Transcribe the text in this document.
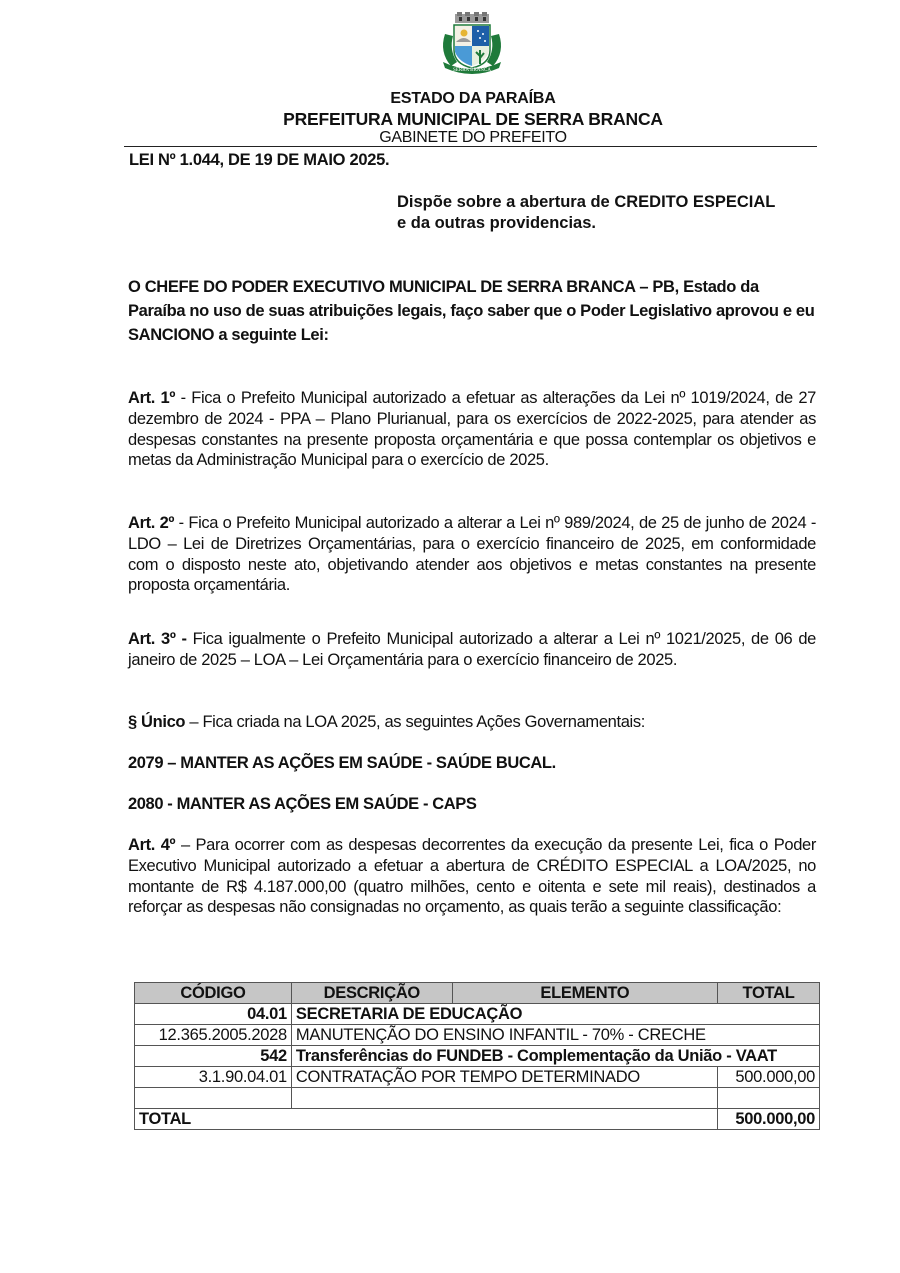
SERRA BRANCA
ESTADO DA PARAÍBA
PREFEITURA MUNICIPAL DE SERRA BRANCA
GABINETE DO PREFEITO
LEI Nº 1.044, DE 19 DE MAIO 2025.
Dispõe sobre a abertura de CREDITO ESPECIAL
e da outras providencias.
O CHEFE DO PODER EXECUTIVO MUNICIPAL DE SERRA BRANCA – PB, Estado da Paraíba no uso de suas atribuições legais, faço saber que o Poder Legislativo aprovou e eu SANCIONO a seguinte Lei:
Art. 1º - Fica o Prefeito Municipal autorizado a efetuar as alterações da Lei nº 1019/2024, de 27 dezembro de 2024 - PPA – Plano Plurianual, para os exercícios de 2022-2025, para atender as despesas constantes na presente proposta orçamentária e que possa contemplar os objetivos e metas da Administração Municipal para o exercício de 2025.
Art. 2º - Fica o Prefeito Municipal autorizado a alterar a Lei nº 989/2024, de 25 de junho de 2024 - LDO – Lei de Diretrizes Orçamentárias, para o exercício financeiro de 2025, em conformidade com o disposto neste ato, objetivando atender aos objetivos e metas constantes na presente proposta orçamentária.
Art. 3º - Fica igualmente o Prefeito Municipal autorizado a alterar a Lei nº 1021/2025, de 06 de janeiro de 2025 – LOA – Lei Orçamentária para o exercício financeiro de 2025.
§ Único – Fica criada na LOA 2025, as seguintes Ações Governamentais:
2079 – MANTER AS AÇÕES EM SAÚDE - SAÚDE BUCAL.
2080 - MANTER AS AÇÕES EM SAÚDE - CAPS
Art. 4º – Para ocorrer com as despesas decorrentes da execução da presente Lei, fica o Poder Executivo Municipal autorizado a efetuar a abertura de CRÉDITO ESPECIAL a LOA/2025, no montante de R$ 4.187.000,00 (quatro milhões, cento e oitenta e sete mil reais), destinados a reforçar as despesas não consignadas no orçamento, as quais terão a seguinte classificação:
CÓDIGO	DESCRIÇÃO	ELEMENTO	TOTAL
04.01	SECRETARIA DE EDUCAÇÃO		
12.365.2005.2028	MANUTENÇÃO DO ENSINO INFANTIL - 70% - CRECHE		
542	Transferências do FUNDEB - Complementação da União - VAAT		
3.1.90.04.01	CONTRATAÇÃO POR TEMPO DETERMINADO		500.000,00

TOTAL			500.000,00
